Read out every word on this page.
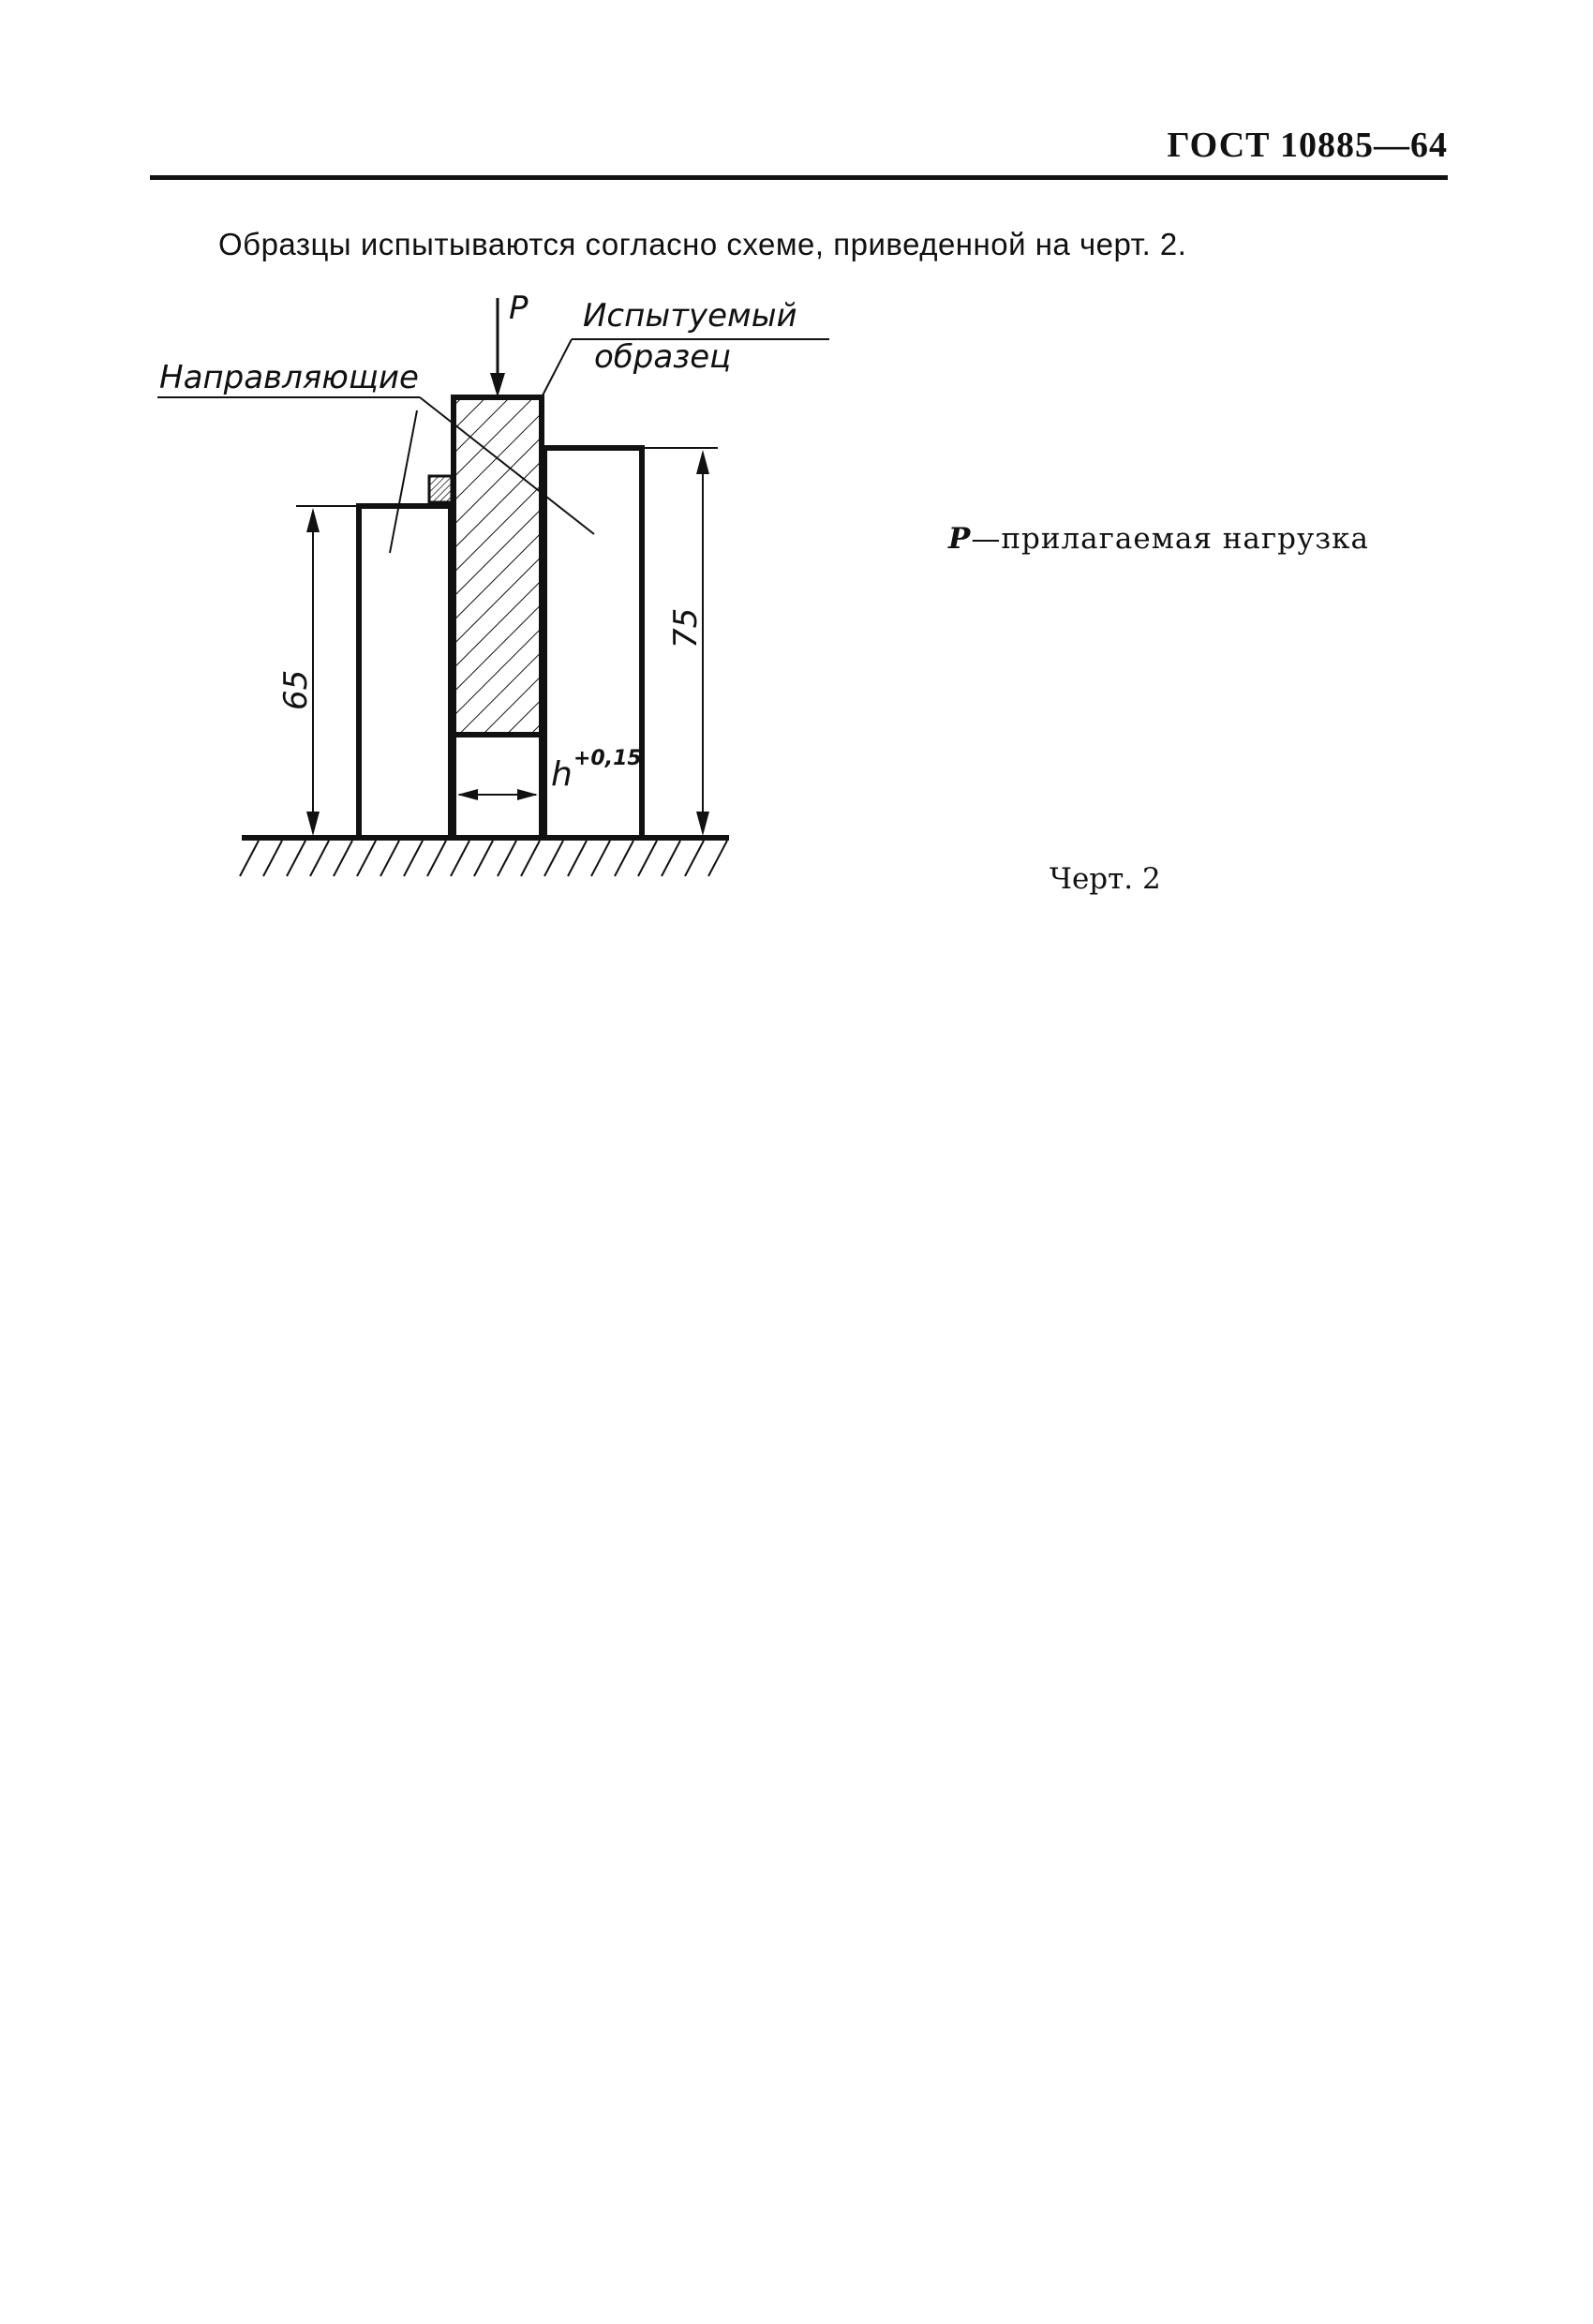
ГОСТ 10885—64
Образцы испытываются согласно схеме, приведенной на черт. 2.
P Испытуемый
образец
Направляющие
65
75
h +0,15
P—прилагаемая нагрузка
Черт. 2
